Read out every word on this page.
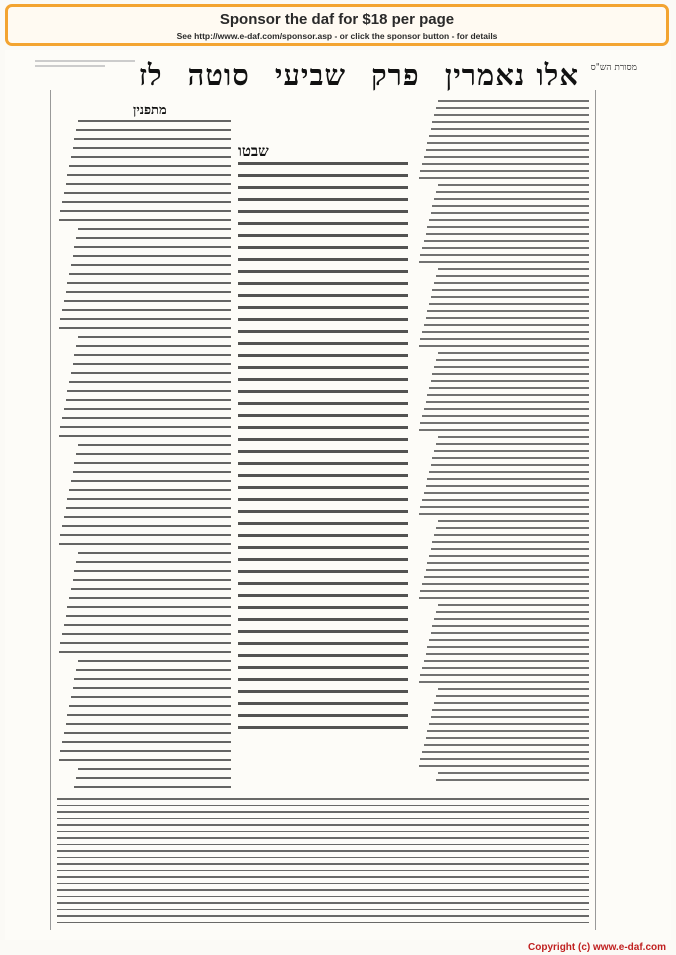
Sponsor the daf for $18 per page
See http://www.e-daf.com/sponsor.asp - or click the sponsor button - for details
אלו נאמרין פרק שביעי סוטה לז	מסורת הש"ס
שבטו
מתפנין
Copyright (c) www.e-daf.com
